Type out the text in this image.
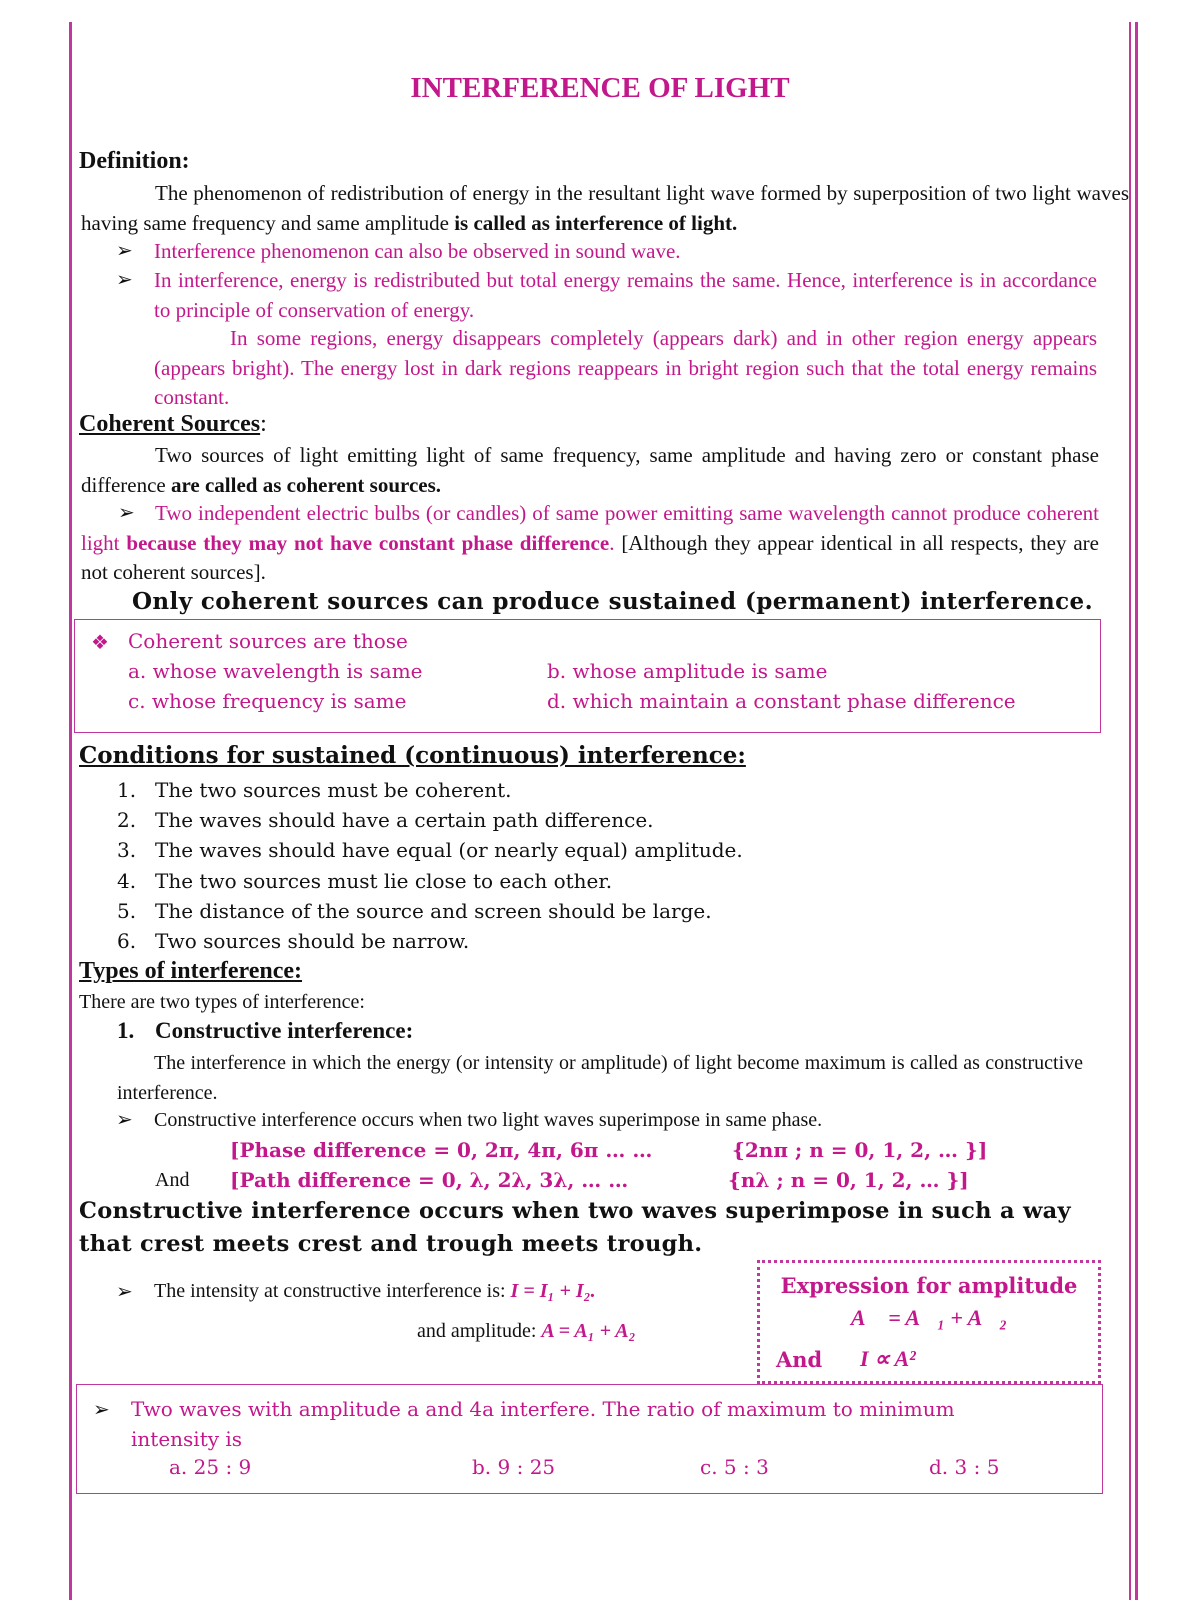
INTERFERENCE OF LIGHT
Definition:

The phenomenon of redistribution of energy in the resultant light wave formed by superposition of two light waves having same frequency and same amplitude is called as interference of light.

➢ Interference phenomenon can also be observed in sound wave.

➢ In interference, energy is redistributed but total energy remains the same. Hence, interference is in accordance to principle of conservation of energy.

In some regions, energy disappears completely (appears dark) and in other region energy appears (appears bright). The energy lost in dark regions reappears in bright region such that the total energy remains constant.

Coherent Sources:

Two sources of light emitting light of same frequency, same amplitude and having zero or constant phase difference are called as coherent sources.

➢ Two independent electric bulbs (or candles) of same power emitting same wavelength cannot produce coherent light because they may not have constant phase difference. [Although they appear identical in all respects, they are not coherent sources].

Only coherent sources can produce sustained (permanent) interference.
❖ Coherent sources are those
a. whose wavelength is same	b. whose amplitude is same
c. whose frequency is same	d. which maintain a constant phase difference
Conditions for sustained (continuous) interference:
1.
2.
3.
4.
5.
6.
The two sources must be coherent.
The waves should have a certain path difference.
The waves should have equal (or nearly equal) amplitude.
The two sources must lie close to each other.
The distance of the source and screen should be large.
Two sources should be narrow.
Types of interference:
There are two types of interference:
1. Constructive interference:

The interference in which the energy (or intensity or amplitude) of light become maximum is called as constructive interference.

➢ Constructive interference occurs when two light waves superimpose in same phase.

[Phase difference = 0, 2π, 4π, 6π … …	{2nπ ; n = 0, 1, 2, … }]
And [Path difference = 0, λ, 2λ, 3λ, … …	{nλ ; n = 0, 1, 2, … }]

Constructive interference occurs when two waves superimpose in such a way that crest meets crest and trough meets trough.

➢ The intensity at constructive interference is: I = I₁ + I₂.
and amplitude: A = A₁ + A₂
Expression for amplitude
A⃗ = A⃗₁ + A⃗₂
And I ∝ A²
➢ Two waves with amplitude a and 4a interfere. The ratio of maximum to minimum intensity is

a. 25 : 9	b. 9 : 25	c. 5 : 3	d. 3 : 5
